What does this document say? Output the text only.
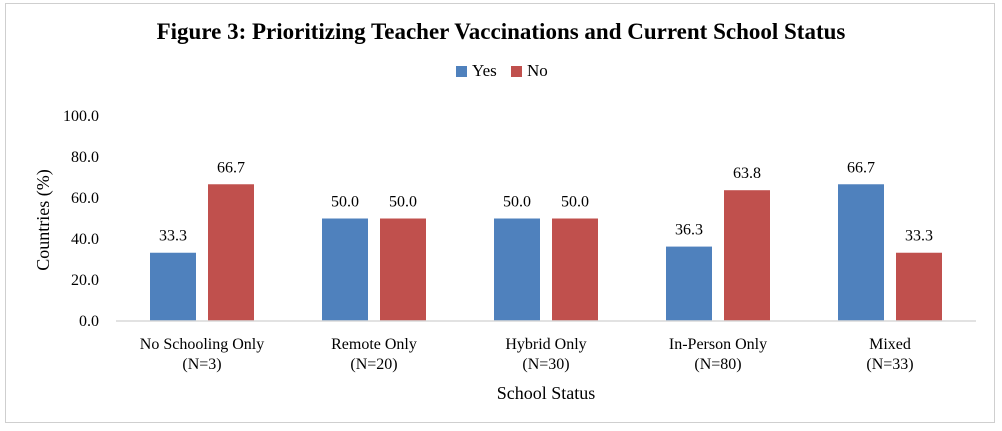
Figure 3: Prioritizing Teacher Vaccinations and Current School Status
Yes No
Countries (%)
School Status
0.0
20.0
40.0
60.0
80.0
100.0
33.3
66.7
50.0 50.0	50.0 50.0
36.3
63.8	66.7
33.3
No Schooling Only
(N=3)
Remote Only
(N=20)
Hybrid Only
(N=30)
In-Person Only
(N=80)
Mixed
(N=33)
